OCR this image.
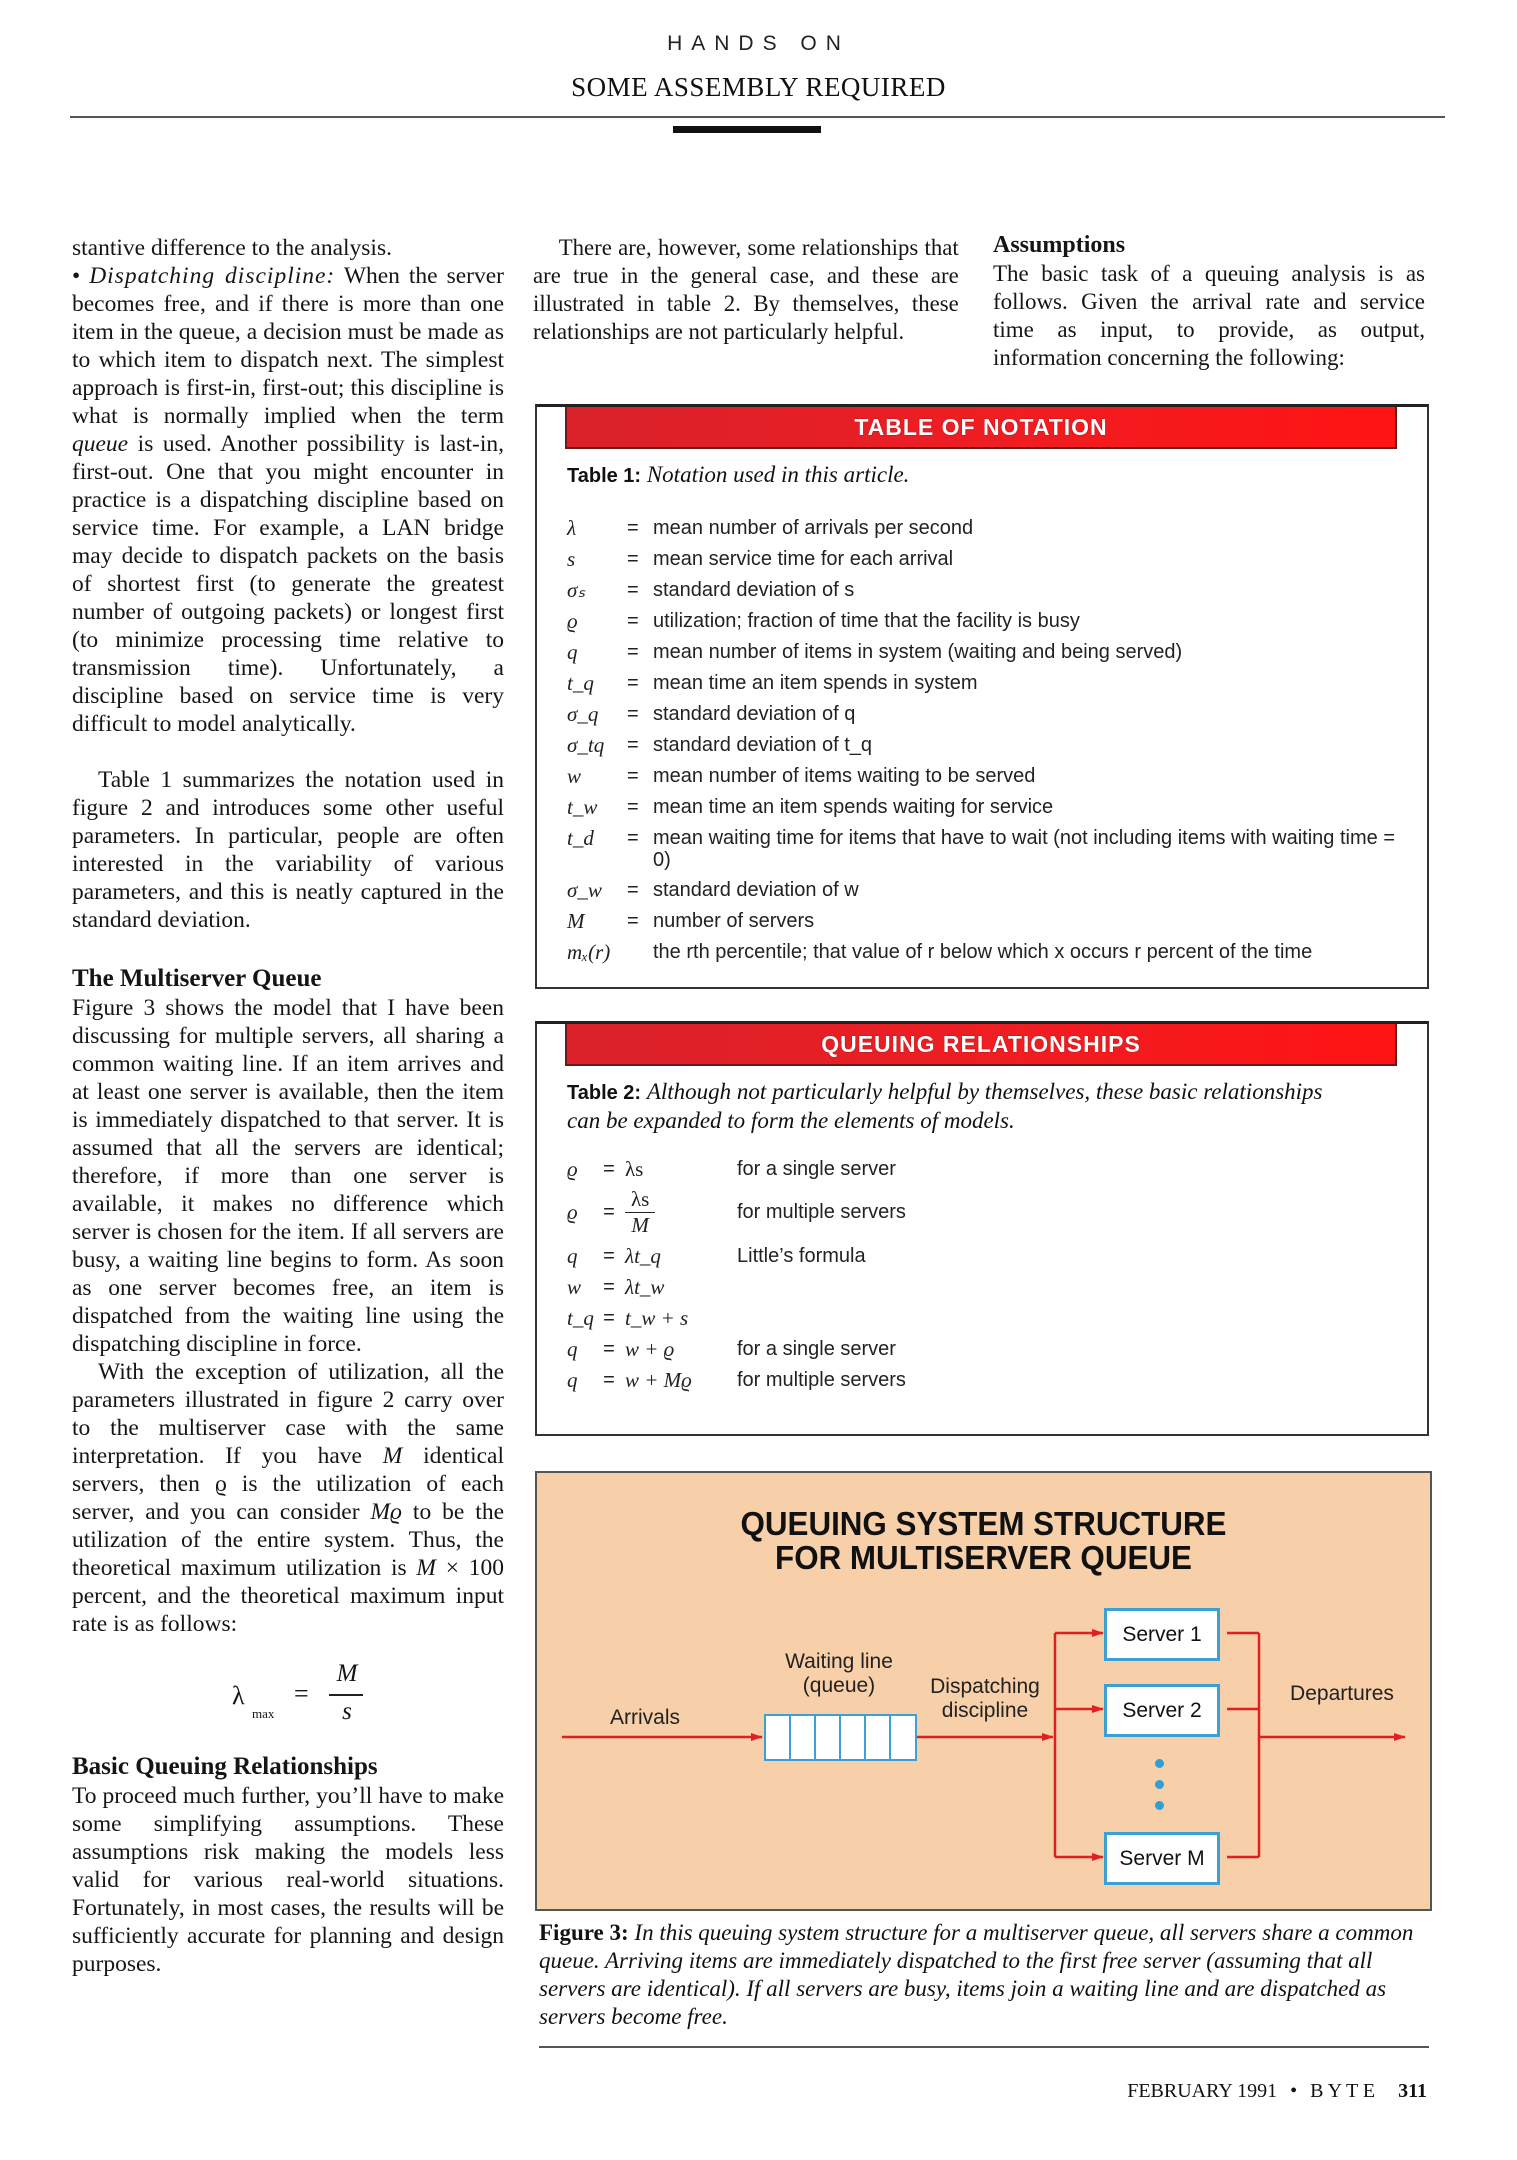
HANDS ON
SOME ASSEMBLY REQUIRED

stantive difference to the analysis.

• Dispatching discipline: When the server becomes free, and if there is more than one item in the queue, a decision must be made as to which item to dispatch next. The simplest approach is first-in, first-out; this discipline is what is normally implied when the term queue is used. Another possibility is last-in, first-out. One that you might encounter in practice is a dispatching discipline based on service time. For example, a LAN bridge may decide to dispatch packets on the basis of shortest first (to generate the greatest number of outgoing packets) or longest first (to minimize processing time relative to transmission time). Unfortunately, a discipline based on service time is very difficult to model analytically.

Table 1 summarizes the notation used in figure 2 and introduces some other useful parameters. In particular, people are often interested in the variability of various parameters, and this is neatly captured in the standard deviation.

The Multiserver Queue

Figure 3 shows the model that I have been discussing for multiple servers, all sharing a common waiting line. If an item arrives and at least one server is available, then the item is immediately dispatched to that server. It is assumed that all the servers are identical; therefore, if more than one server is available, it makes no difference which server is chosen for the item. If all servers are busy, a waiting line begins to form. As soon as one server becomes free, an item is dispatched from the waiting line using the dispatching discipline in force.

With the exception of utilization, all the parameters illustrated in figure 2 carry over to the multiserver case with the same interpretation. If you have M identical servers, then ϱ is the utilization of each server, and you can consider Mϱ to be the utilization of the entire system. Thus, the theoretical maximum utilization is M × 100 percent, and the theoretical maximum input rate is as follows:

λ
max
=
M
s
Basic Queuing Relationships

To proceed much further, you’ll have to make some simplifying assumptions. These assumptions risk making the models less valid for various real-world situations. Fortunately, in most cases, the results will be sufficiently accurate for planning and design purposes.

There are, however, some relationships that are true in the general case, and these are illustrated in table 2. By themselves, these relationships are not particularly helpful.

Assumptions

The basic task of a queuing analysis is as follows. Given the arrival rate and service time as input, to provide, as output, information concerning the following:

TABLE OF NOTATION
Table 1: Notation used in this article.
λ	= mean number of arrivals per second
s	= mean service time for each arrival
σₛ	= standard deviation of s
ϱ	= utilization; fraction of time that the facility is busy
q	= mean number of items in system (waiting and being served)
t_q	= mean time an item spends in system
σ_q	= standard deviation of q
σ_tq	= standard deviation of t_q
w	= mean number of items waiting to be served
t_w	= mean time an item spends waiting for service
t_d	= mean waiting time for items that have to wait (not including items with waiting time = 0)
σ_w	= standard deviation of w
M	= number of servers
mₓ(r)	the rth percentile; that value of r below which x occurs r percent of the time
QUEUING RELATIONSHIPS
Table 2: Although not particularly helpful by themselves, these basic relationships can be expanded to form the elements of models.
ϱ	= λs	for a single server
ϱ	= $\frac{\lambda s}{M}$	for multiple servers
q	= λt_q	Little’s formula
w	= λt_w
t_q = t_w + s
q	= w + ϱ	for a single server
q	= w + Mϱ	for multiple servers
QUEUING SYSTEM STRUCTURE
FOR MULTISERVER QUEUE
Arrivals
Waiting line
(queue)	Dispatching
discipline
Server 1
Server 2
Server M
Departures
Figure 3: In this queuing system structure for a multiserver queue, all servers share a common queue. Arriving items are immediately dispatched to the first free server (assuming that all servers are identical). If all servers are busy, items join a waiting line and are dispatched as servers become free.
FEBRUARY 1991 • B Y T E 311
